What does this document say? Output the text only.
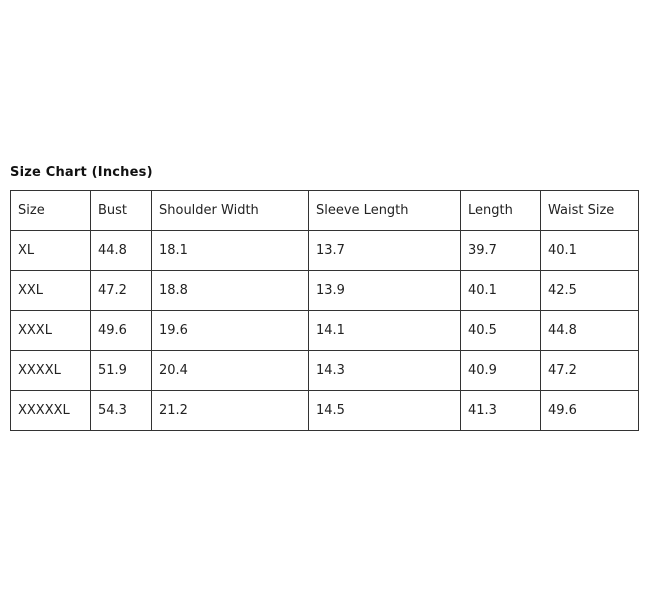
Size Chart (Inches)
Size	Bust	Shoulder Width	Sleeve Length	Length	Waist Size
XL	44.8	18.1	13.7	39.7	40.1
XXL	47.2	18.8	13.9	40.1	42.5
XXXL	49.6	19.6	14.1	40.5	44.8
XXXXL	51.9	20.4	14.3	40.9	47.2
XXXXXL	54.3	21.2	14.5	41.3	49.6
